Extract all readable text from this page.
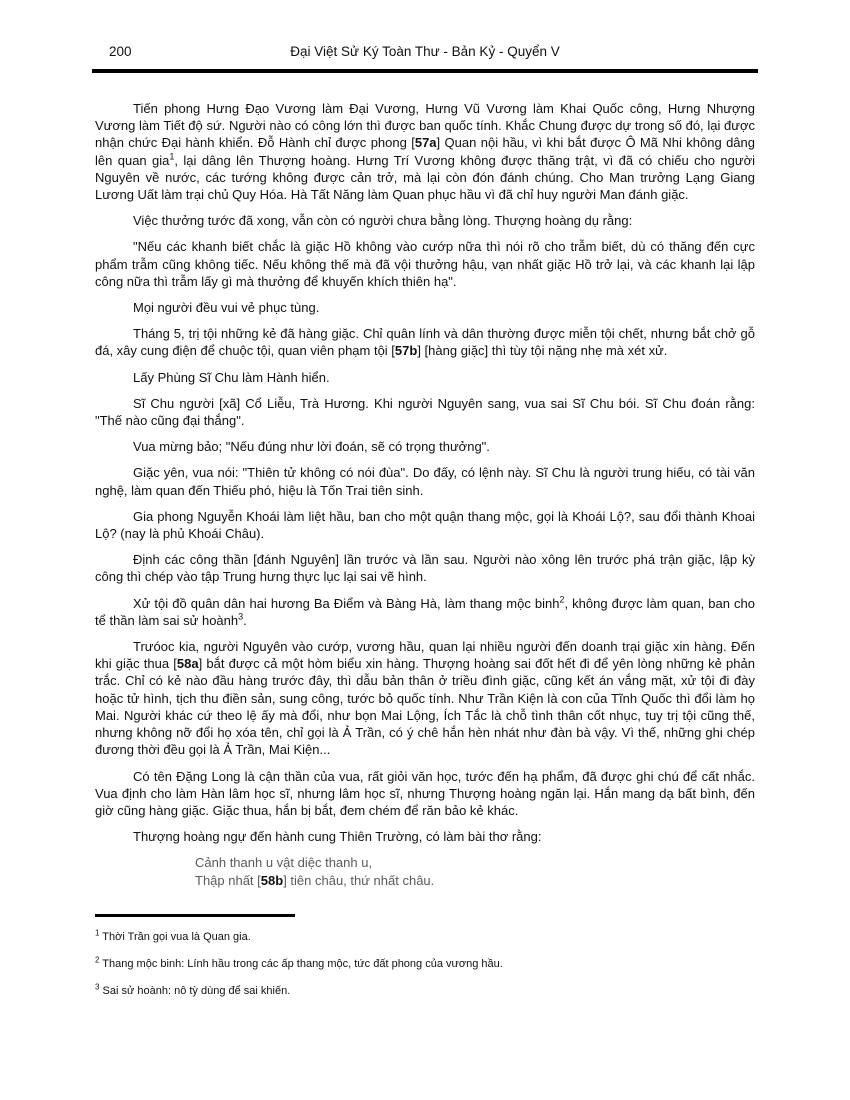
200	Đại Việt Sử Ký Toàn Thư - Bản Kỷ - Quyển V

Tiến phong Hưng Đạo Vương làm Đại Vương, Hưng Vũ Vương làm Khai Quốc công, Hưng Nhượng Vương làm Tiết độ sứ. Người nào có công lớn thì được ban quốc tính. Khắc Chung được dự trong số đó, lại được nhận chức Đại hành khiển. Đỗ Hành chỉ được phong [57a] Quan nội hầu, vì khi bắt được Ô Mã Nhi không dâng lên quan gia$^1$, lại dâng lên Thượng hoàng. Hưng Trí Vương không được thăng trật, vì đã có chiếu cho người Nguyên về nước, các tướng không được cản trở, mà lại còn đón đánh chúng. Cho Man trưởng Lạng Giang Lương Uất làm trại chủ Quy Hóa. Hà Tất Năng làm Quan phục hầu vì đã chỉ huy người Man đánh giặc.

Việc thưởng tước đã xong, vẫn còn có người chưa bằng lòng. Thượng hoàng dụ rằng:

"Nếu các khanh biết chắc là giặc Hồ không vào cướp nữa thì nói rõ cho trẫm biết, dù có thăng đến cực phẩm trẫm cũng không tiếc. Nếu không thế mà đã vội thưởng hậu, vạn nhất giặc Hồ trở lại, và các khanh lại lập công nữa thì trẫm lấy gì mà thưởng để khuyến khích thiên hạ".

Mọi người đều vui vẻ phục tùng.

Tháng 5, trị tội những kẻ đã hàng giặc. Chỉ quân lính và dân thường được miễn tội chết, nhưng bắt chở gỗ đá, xây cung điện để chuộc tội, quan viên phạm tội [57b] [hàng giặc] thì tùy tội nặng nhẹ mà xét xử.

Lấy Phùng Sĩ Chu làm Hành hiển.

Sĩ Chu người [xã] Cổ Liễu, Trà Hương. Khi người Nguyên sang, vua sai Sĩ Chu bói. Sĩ Chu đoán rằng: "Thế nào cũng đại thắng".

Vua mừng bảo; "Nếu đúng như lời đoán, sẽ có trọng thưởng".

Giặc yên, vua nói: "Thiên tử không có nói đùa". Do đấy, có lệnh này. Sĩ Chu là người trung hiếu, có tài văn nghệ, làm quan đến Thiếu phó, hiệu là Tốn Trai tiên sinh.

Gia phong Nguyễn Khoái làm liệt hầu, ban cho một quận thang mộc, gọi là Khoái Lộ?, sau đổi thành Khoai Lộ? (nay là phủ Khoái Châu).

Định các công thần [đánh Nguyên] lần trước và lần sau. Người nào xông lên trước phá trận giặc, lập kỳ công thì chép vào tập Trung hưng thực lục lại sai vẽ hình.

Xử tội đồ quân dân hai hương Ba Điểm và Bàng Hà, làm thang mộc binh$^2$, không được làm quan, ban cho tể thần làm sai sử hoành$^3$.

Trưóoc kia, người Nguyên vào cướp, vương hầu, quan lại nhiều người đến doanh trại giặc xin hàng. Đến khi giặc thua [58a] bắt được cả một hòm biểu xin hàng. Thượng hoàng sai đốt hết đi để yên lòng những kẻ phản trắc. Chỉ có kẻ nào đầu hàng trước đây, thì dẫu bản thân ở triều đình giặc, cũng kết án vắng mặt, xử tội đi đày hoặc tử hình, tịch thu điền sản, sung công, tước bỏ quốc tính. Như Trần Kiện là con của Tĩnh Quốc thì đổi làm họ Mai. Người khác cứ theo lệ ấy mà đổi, như bọn Mai Lộng, Ích Tắc là chỗ tình thân cốt nhục, tuy trị tội cũng thế, nhưng không nỡ đổi họ xóa tên, chỉ gọi là Ả Trần, có ý chê hắn hèn nhát như đàn bà vậy. Vì thế, những ghi chép đương thời đều gọi là Ả Trần, Mai Kiện...

Có tên Đặng Long là cận thần của vua, rất giỏi văn học, tước đến hạ phẩm, đã được ghi chú để cất nhắc. Vua định cho làm Hàn lâm học sĩ, nhưng lâm học sĩ, nhưng Thượng hoàng ngăn lại. Hắn mang dạ bất bình, đến giờ cũng hàng giặc. Giặc thua, hắn bị bắt, đem chém để răn bảo kẻ khác.

Thượng hoàng ngự đến hành cung Thiên Trường, có làm bài thơ rằng:

Cảnh thanh u vật diệc thanh u,

Thập nhất [58b] tiên châu, thứ nhất châu.

$^1$ Thời Trần gọi vua là Quan gia.

$^2$ Thang mộc binh: Lính hầu trong các ấp thang mộc, tức đất phong của vương hầu.

$^3$ Sai sử hoành: nô tỳ dùng để sai khiến.
